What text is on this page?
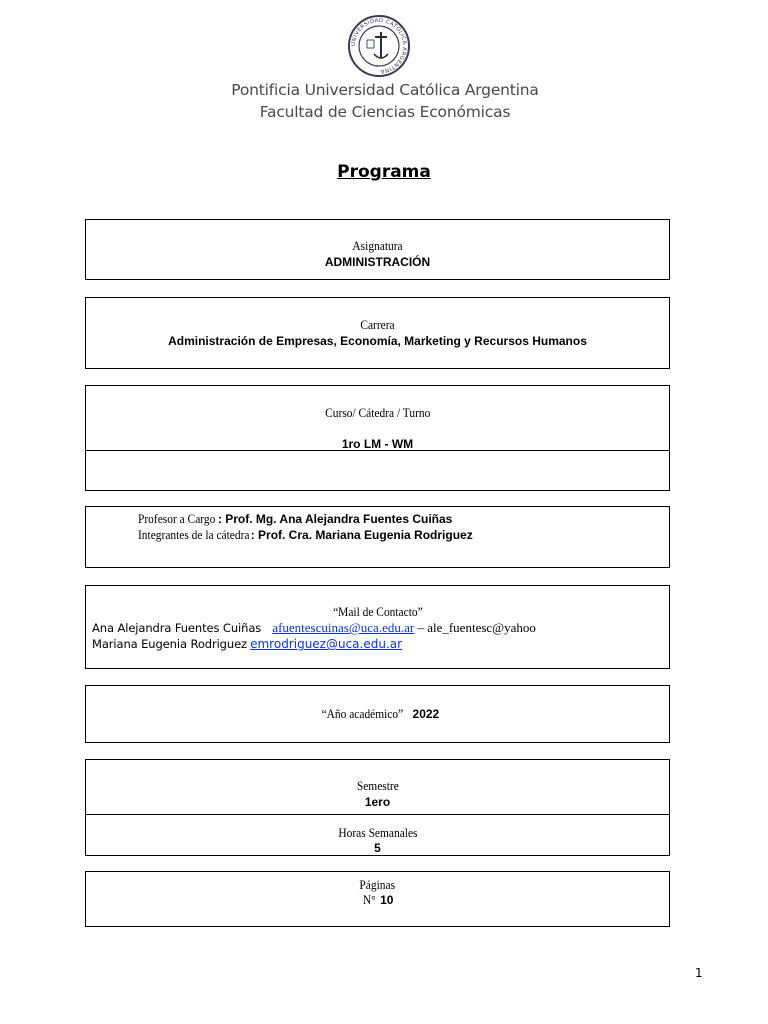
UNIVERSIDAD CATÓLICA ARGENTINA
Pontificia Universidad Católica Argentina
Facultad de Ciencias Económicas
Programa
Asignatura
ADMINISTRACIÓN
Carrera
Administración de Empresas, Economía, Marketing y Recursos Humanos
Curso/ Cátedra / Turno
1ro LM - WM
Profesor a Cargo : Prof. Mg. Ana Alejandra Fuentes Cuiñas
Integrantes de la cátedra: Prof. Cra. Mariana Eugenia Rodriguez
“Mail de Contacto”
Ana Alejandra Fuentes Cuiñas afuentescuinas@uca.edu.ar – ale_fuentesc@yahoo
Mariana Eugenia Rodriguez emrodriguez@uca.edu.ar
“Año académico” 2022
Semestre
1ero
Horas Semanales
5
Páginas
N° 10
1
